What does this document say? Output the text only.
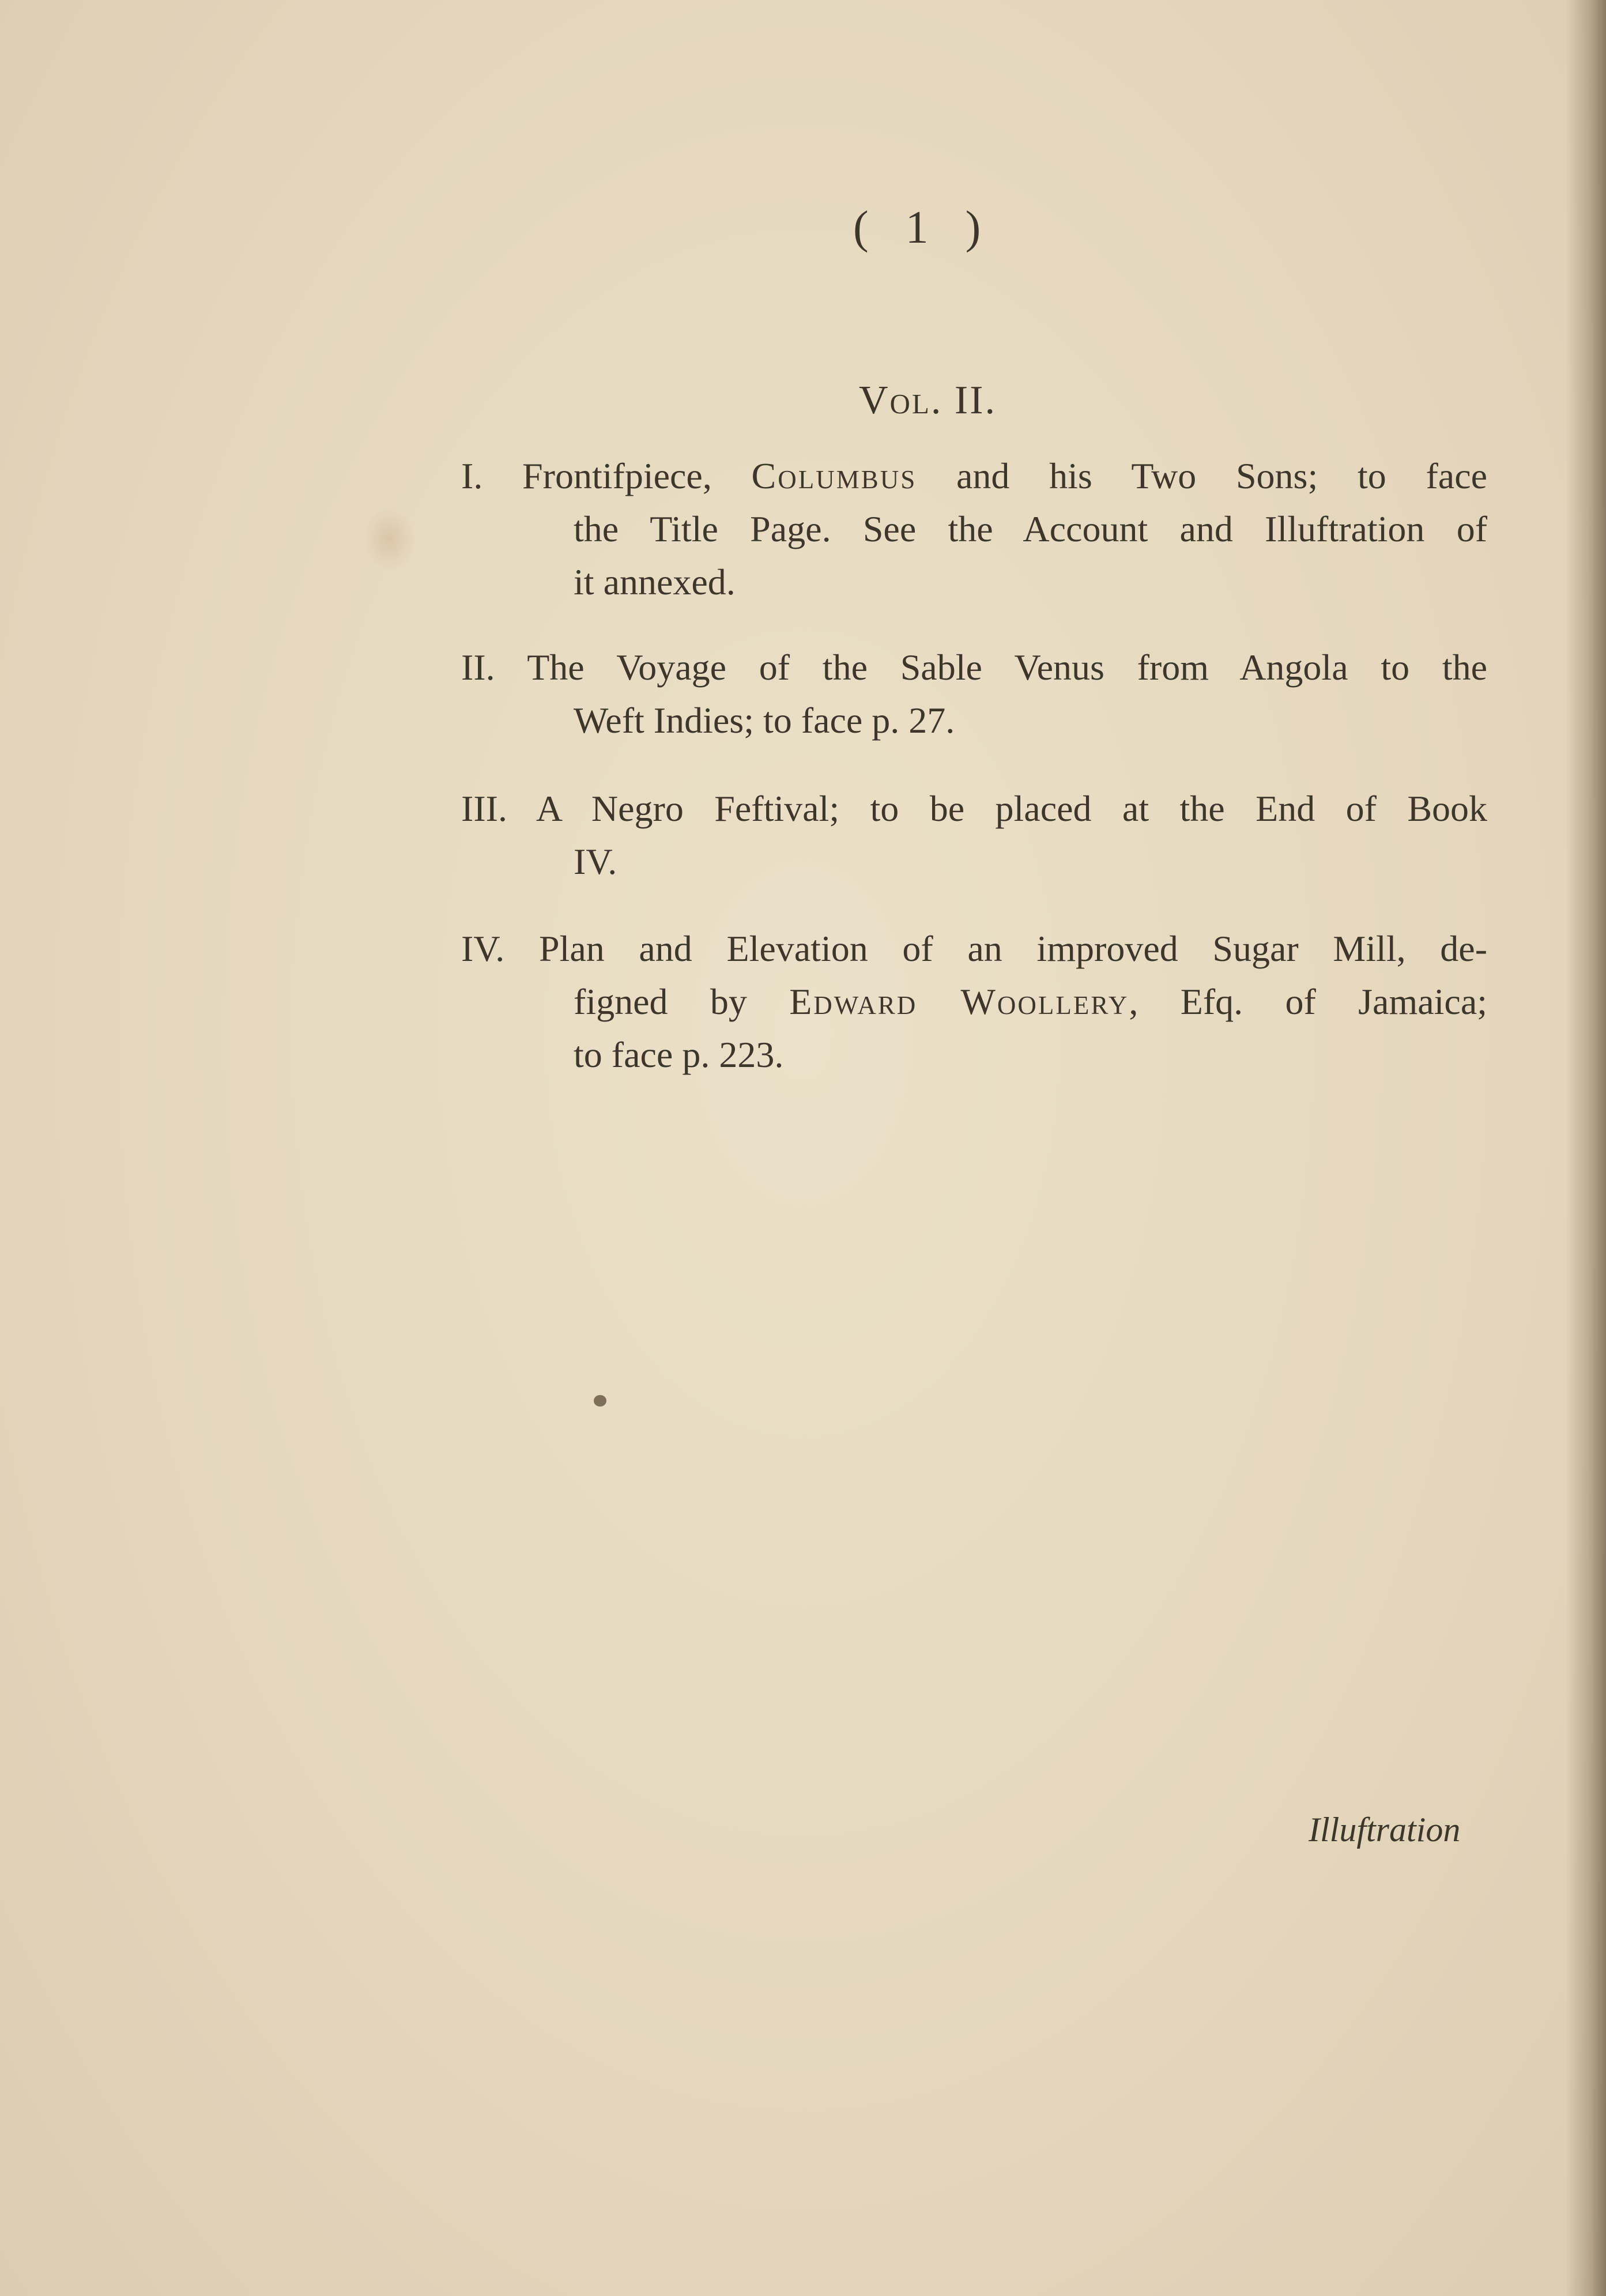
( 1 )
Vol. II.
I. Frontifpiece, Columbus and his Two Sons; to face
the Title Page. See the Account and Illuftration of
it annexed.
II. The Voyage of the Sable Venus from Angola to the
Weft Indies; to face p. 27.
III. A Negro Feftival; to be placed at the End of Book
IV.
IV. Plan and Elevation of an improved Sugar Mill, de-
figned by Edward Woollery, Efq. of Jamaica;
to face p. 223.
Illuftration
